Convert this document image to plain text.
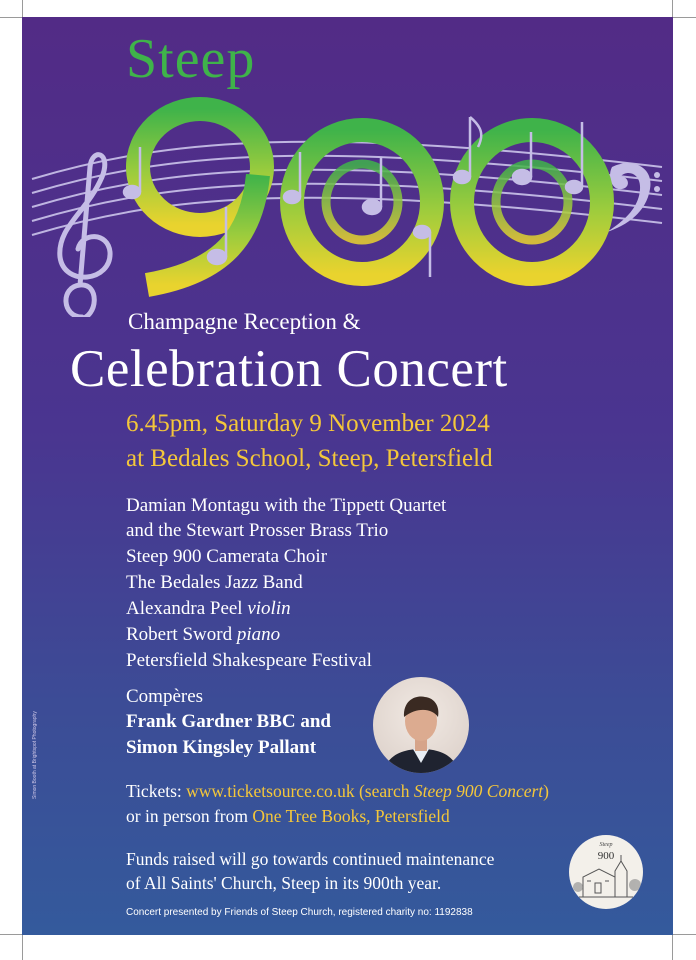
Steep
Champagne Reception &
Celebration Concert
6.45pm, Saturday 9 November 2024
at Bedales School, Steep, Petersfield
Damian Montagu with the Tippett Quartet
and the Stewart Prosser Brass Trio
Steep 900 Camerata Choir
The Bedales Jazz Band
Alexandra Peel violin
Robert Sword piano
Petersfield Shakespeare Festival
Compères
Frank Gardner BBC and
Simon Kingsley Pallant
Tickets: www.ticketsource.co.uk (search Steep 900 Concert)
or in person from One Tree Books, Petersfield
Funds raised will go towards continued maintenance
of All Saints' Church, Steep in its 900th year.
Concert presented by Friends of Steep Church, registered charity no: 1192838
Simon Booth at Brightspot Photography
Steep
900
